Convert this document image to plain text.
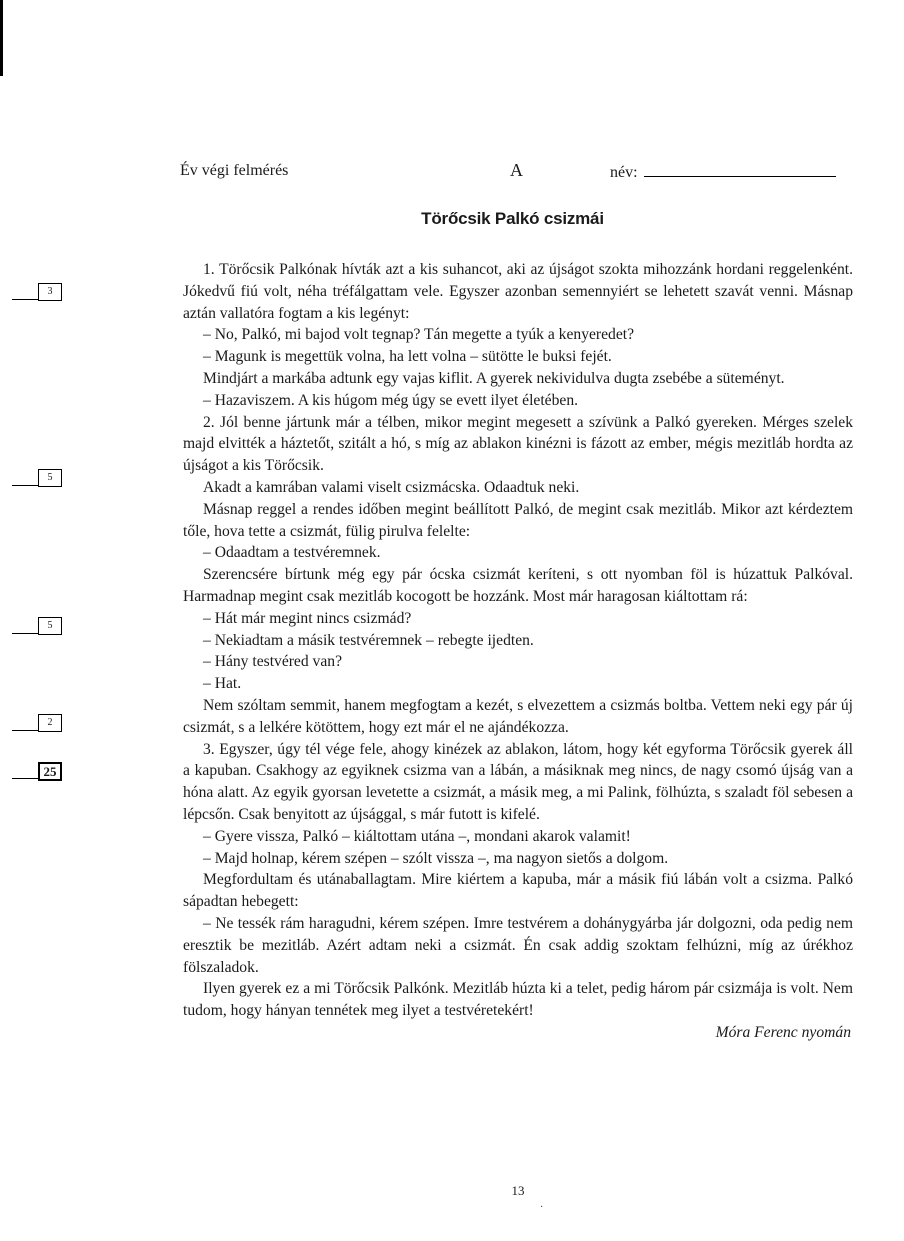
Év végi felmérés	A	név:
Törőcsik Palkó csizmái
3
5
5
2
25

1. Törőcsik Palkónak hívták azt a kis suhancot, aki az újságot szokta mihozzánk hordani reggelenként. Jókedvű fiú volt, néha tréfálgattam vele. Egyszer azonban semennyiért se lehetett szavát venni. Másnap aztán vallatóra fogtam a kis legényt:

– No, Palkó, mi bajod volt tegnap? Tán megette a tyúk a kenyeredet?

– Magunk is megettük volna, ha lett volna – sütötte le buksi fejét.

Mindjárt a markába adtunk egy vajas kiflit. A gyerek nekividulva dugta zsebébe a süteményt.

– Hazaviszem. A kis húgom még úgy se evett ilyet életében.

2. Jól benne jártunk már a télben, mikor megint megesett a szívünk a Palkó gyereken. Mérges szelek majd elvitték a háztetőt, szitált a hó, s míg az ablakon kinézni is fázott az ember, mégis mezitláb hordta az újságot a kis Törőcsik.

Akadt a kamrában valami viselt csizmácska. Odaadtuk neki.

Másnap reggel a rendes időben megint beállított Palkó, de megint csak mezitláb. Mikor azt kérdeztem tőle, hova tette a csizmát, fülig pirulva felelte:

– Odaadtam a testvéremnek.

Szerencsére bírtunk még egy pár ócska csizmát keríteni, s ott nyomban föl is húzattuk Palkóval. Harmadnap megint csak mezitláb kocogott be hozzánk. Most már haragosan kiáltottam rá:

– Hát már megint nincs csizmád?

– Nekiadtam a másik testvéremnek – rebegte ijedten.

– Hány testvéred van?

– Hat.

Nem szóltam semmit, hanem megfogtam a kezét, s elvezettem a csizmás boltba. Vettem neki egy pár új csizmát, s a lelkére kötöttem, hogy ezt már el ne ajándékozza.

3. Egyszer, úgy tél vége fele, ahogy kinézek az ablakon, látom, hogy két egyforma Törőcsik gyerek áll a kapuban. Csakhogy az egyiknek csizma van a lábán, a másiknak meg nincs, de nagy csomó újság van a hóna alatt. Az egyik gyorsan levetette a csizmát, a másik meg, a mi Palink, fölhúzta, s szaladt föl sebesen a lépcsőn. Csak benyitott az újsággal, s már futott is kifelé.

– Gyere vissza, Palkó – kiáltottam utána –, mondani akarok valamit!

– Majd holnap, kérem szépen – szólt vissza –, ma nagyon sietős a dolgom.

Megfordultam és utánaballagtam. Mire kiértem a kapuba, már a másik fiú lábán volt a csizma. Palkó sápadtan hebegett:

– Ne tessék rám haragudni, kérem szépen. Imre testvérem a dohánygyárba jár dolgozni, oda pedig nem eresztik be mezitláb. Azért adtam neki a csizmát. Én csak addig szoktam felhúzni, míg az úrékhoz fölszaladok.

Ilyen gyerek ez a mi Törőcsik Palkónk. Mezitláb húzta ki a telet, pedig három pár csizmája is volt. Nem tudom, hogy hányan tennétek meg ilyet a testvéretekért!

Móra Ferenc nyomán

13
·
